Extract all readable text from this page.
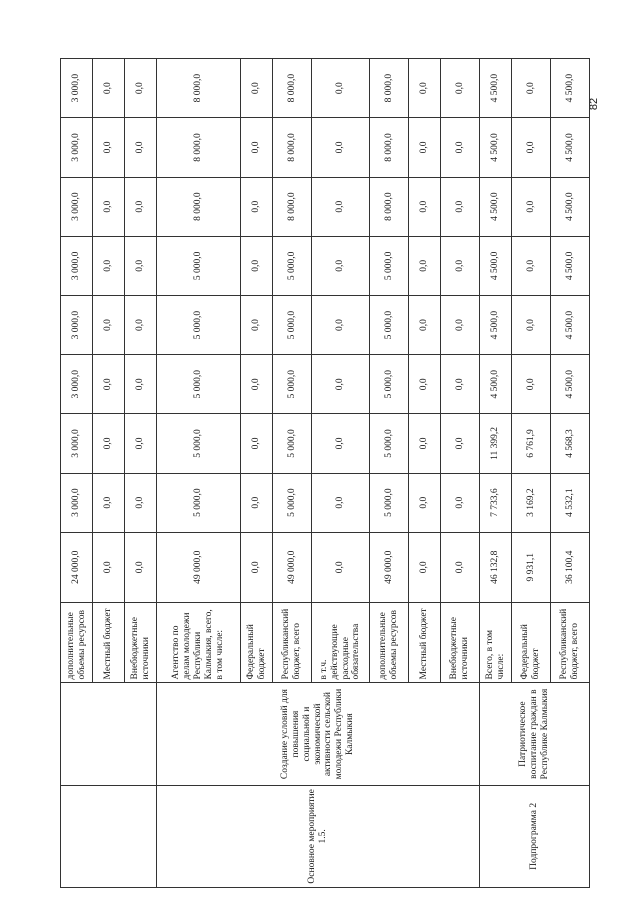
82
		дополнительные объемы ресурсов	24 000,0	3 000,0	3 000,0	3 000,0	3 000,0	3 000,0	3 000,0	3 000,0	3 000,0
		Местный бюджет	0,0	0,0	0,0	0,0	0,0	0,0	0,0	0,0	0,0
		Внебюджетные источники	0,0	0,0	0,0	0,0	0,0	0,0	0,0	0,0	0,0
Основное мероприятие 1.5.	Создание условий для повышения социальной и экономической активности сельской молодежи Республики Калмыкия	Агентство по делам молодежи Республики Калмыкия, всего, в том числе:	49 000,0	5 000,0	5 000,0	5 000,0	5 000,0	5 000,0	8 000,0	8 000,0	8 000,0
		Федеральный бюджет	0,0	0,0	0,0	0,0	0,0	0,0	0,0	0,0	0,0
		Республиканский бюджет, всего	49 000,0	5 000,0	5 000,0	5 000,0	5 000,0	5 000,0	8 000,0	8 000,0	8 000,0
		в т.ч. действующие расходные обязательства	0,0	0,0	0,0	0,0	0,0	0,0	0,0	0,0	0,0
		дополнительные объемы ресурсов	49 000,0	5 000,0	5 000,0	5 000,0	5 000,0	5 000,0	8 000,0	8 000,0	8 000,0
		Местный бюджет	0,0	0,0	0,0	0,0	0,0	0,0	0,0	0,0	0,0
		Внебюджетные источники	0,0	0,0	0,0	0,0	0,0	0,0	0,0	0,0	0,0
Подпрограмма 2	Патриотическое воспитание граждан в Республике Калмыкия	Всего, в том числе:	46 132,8	7 733,6	11 399,2	4 500,0	4 500,0	4 500,0	4 500,0	4 500,0	4 500,0
		Федеральный бюджет	9 931,1	3 169,2	6 761,9	0,0	0,0	0,0	0,0	0,0	0,0
		Республиканский бюджет, всего	36 100,4	4 532,1	4 568,3	4 500,0	4 500,0	4 500,0	4 500,0	4 500,0	4 500,0
